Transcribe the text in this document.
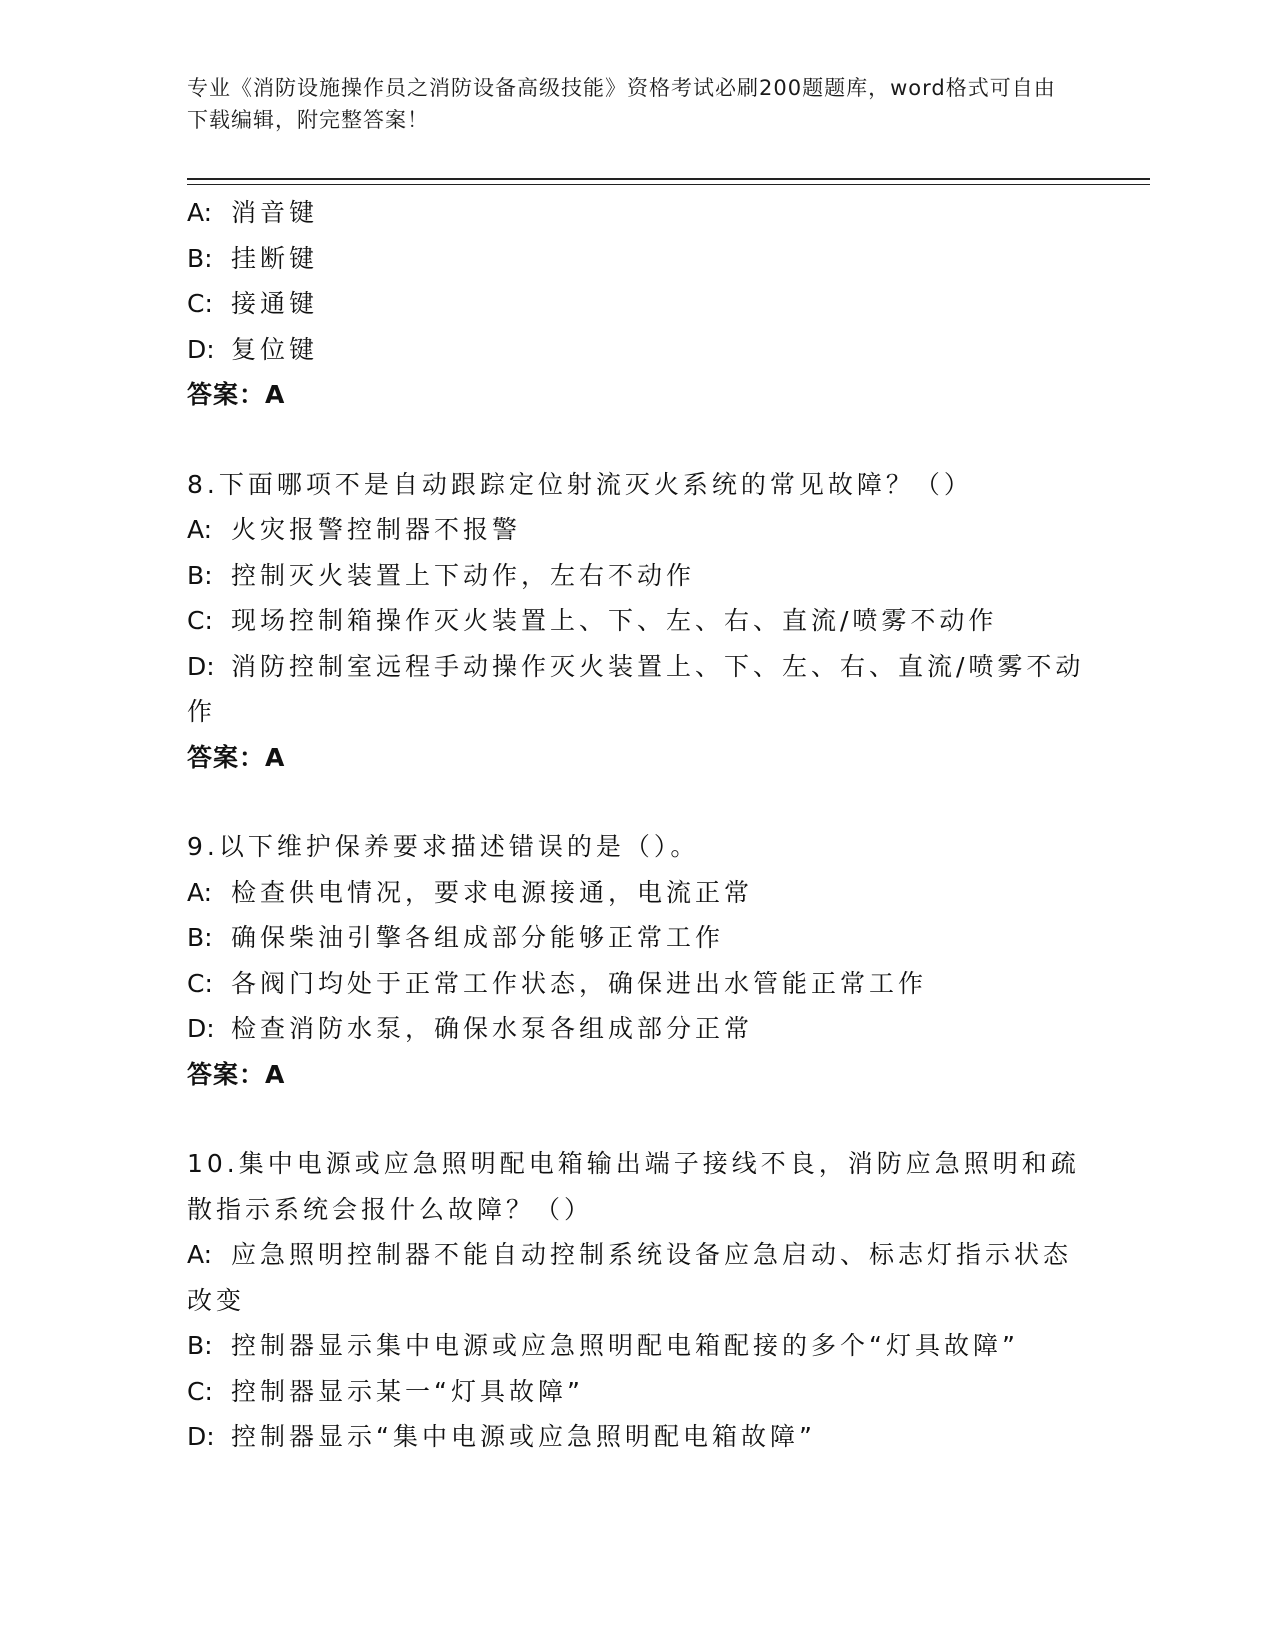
专业《消防设施操作员之消防设备高级技能》资格考试必刷200题题库，word格式可自由下载编辑，附完整答案！
A: 消音键
B: 挂断键
C: 接通键
D: 复位键
答案：A
8.下面哪项不是自动跟踪定位射流灭火系统的常见故障？（）
A: 火灾报警控制器不报警
B: 控制灭火装置上下动作，左右不动作
C: 现场控制箱操作灭火装置上、下、左、右、直流/喷雾不动作
D: 消防控制室远程手动操作灭火装置上、下、左、右、直流/喷雾不动作
答案：A
9.以下维护保养要求描述错误的是（）。
A: 检查供电情况，要求电源接通，电流正常
B: 确保柴油引擎各组成部分能够正常工作
C: 各阀门均处于正常工作状态，确保进出水管能正常工作
D: 检查消防水泵，确保水泵各组成部分正常
答案：A
10.集中电源或应急照明配电箱输出端子接线不良，消防应急照明和疏散指示系统会报什么故障？（）
A: 应急照明控制器不能自动控制系统设备应急启动、标志灯指示状态改变
B: 控制器显示集中电源或应急照明配电箱配接的多个“灯具故障”
C: 控制器显示某一“灯具故障”
D: 控制器显示“集中电源或应急照明配电箱故障”
